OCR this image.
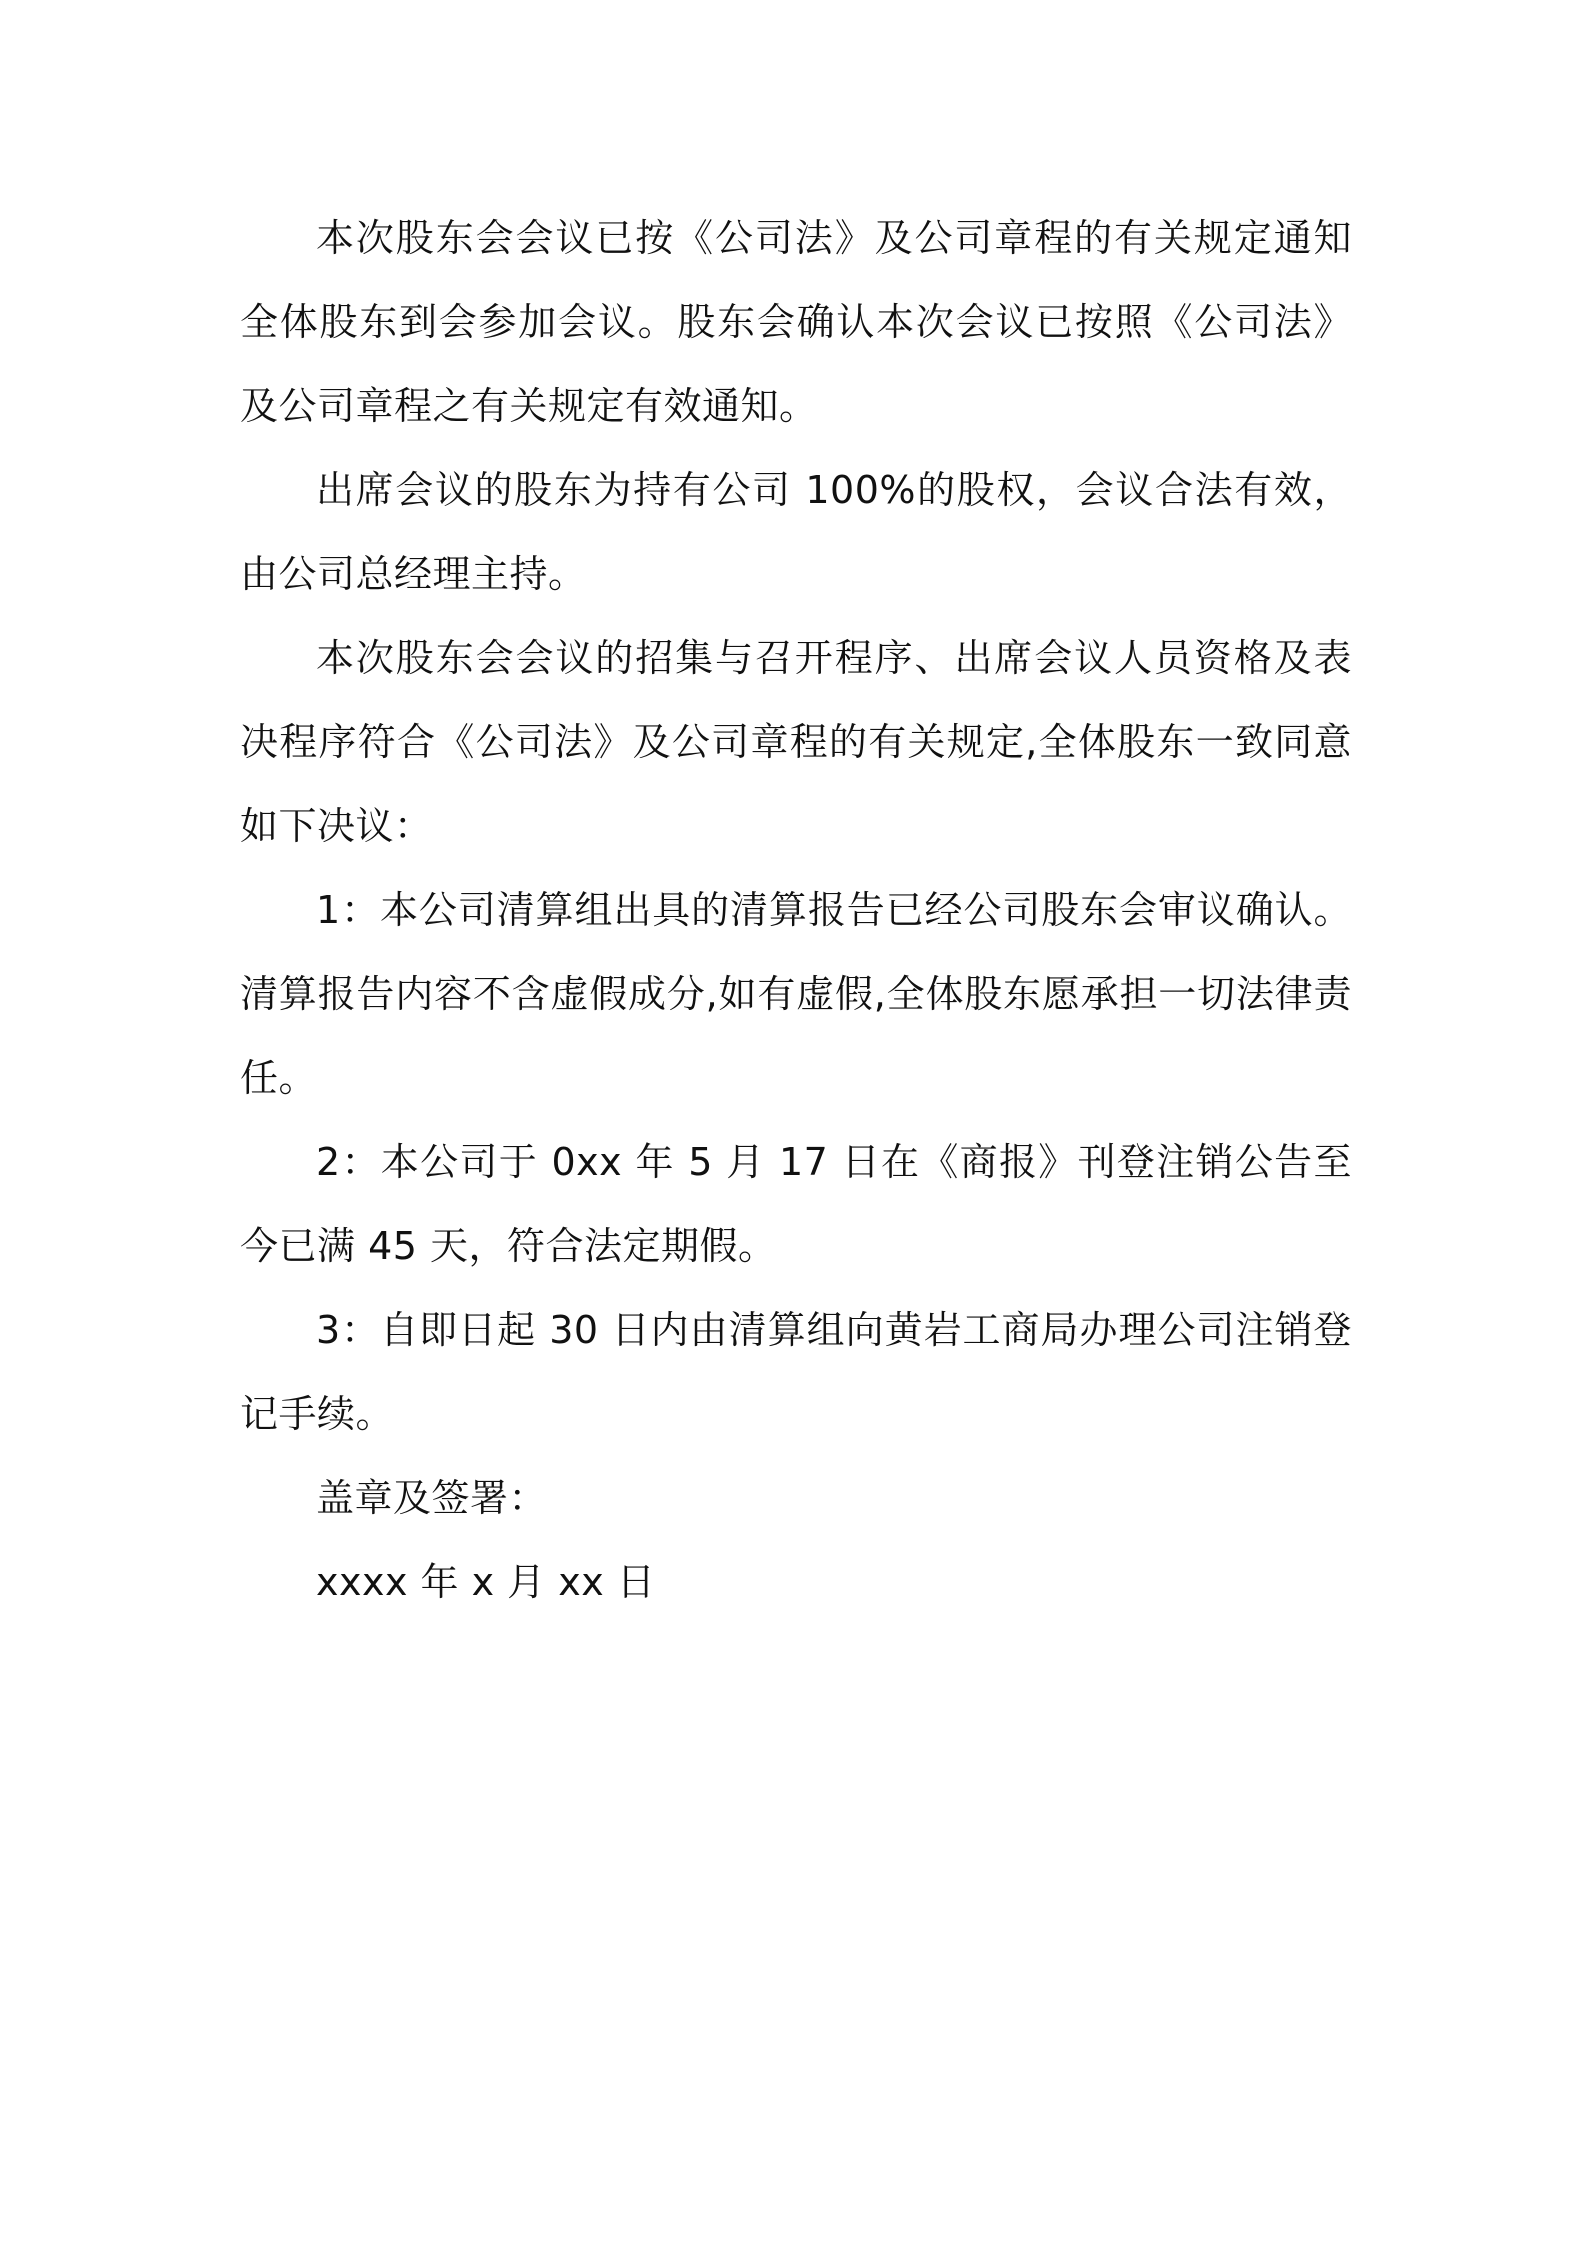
本次股东会会议已按《公司法》及公司章程的有关规定通知全体股东到会参加会议。股东会确认本次会议已按照《公司法》及公司章程之有关规定有效通知。

出席会议的股东为持有公司 100%的股权，会议合法有效，由公司总经理主持。

本次股东会会议的招集与召开程序、出席会议人员资格及表决程序符合《公司法》及公司章程的有关规定,全体股东一致同意如下决议：

1：本公司清算组出具的清算报告已经公司股东会审议确认。清算报告内容不含虚假成分,如有虚假,全体股东愿承担一切法律责任。

2：本公司于 0xx 年 5 月 17 日在《商报》刊登注销公告至今已满 45 天，符合法定期假。

3：自即日起 30 日内由清算组向黄岩工商局办理公司注销登记手续。

盖章及签署：

xxxx 年 x 月 xx 日
